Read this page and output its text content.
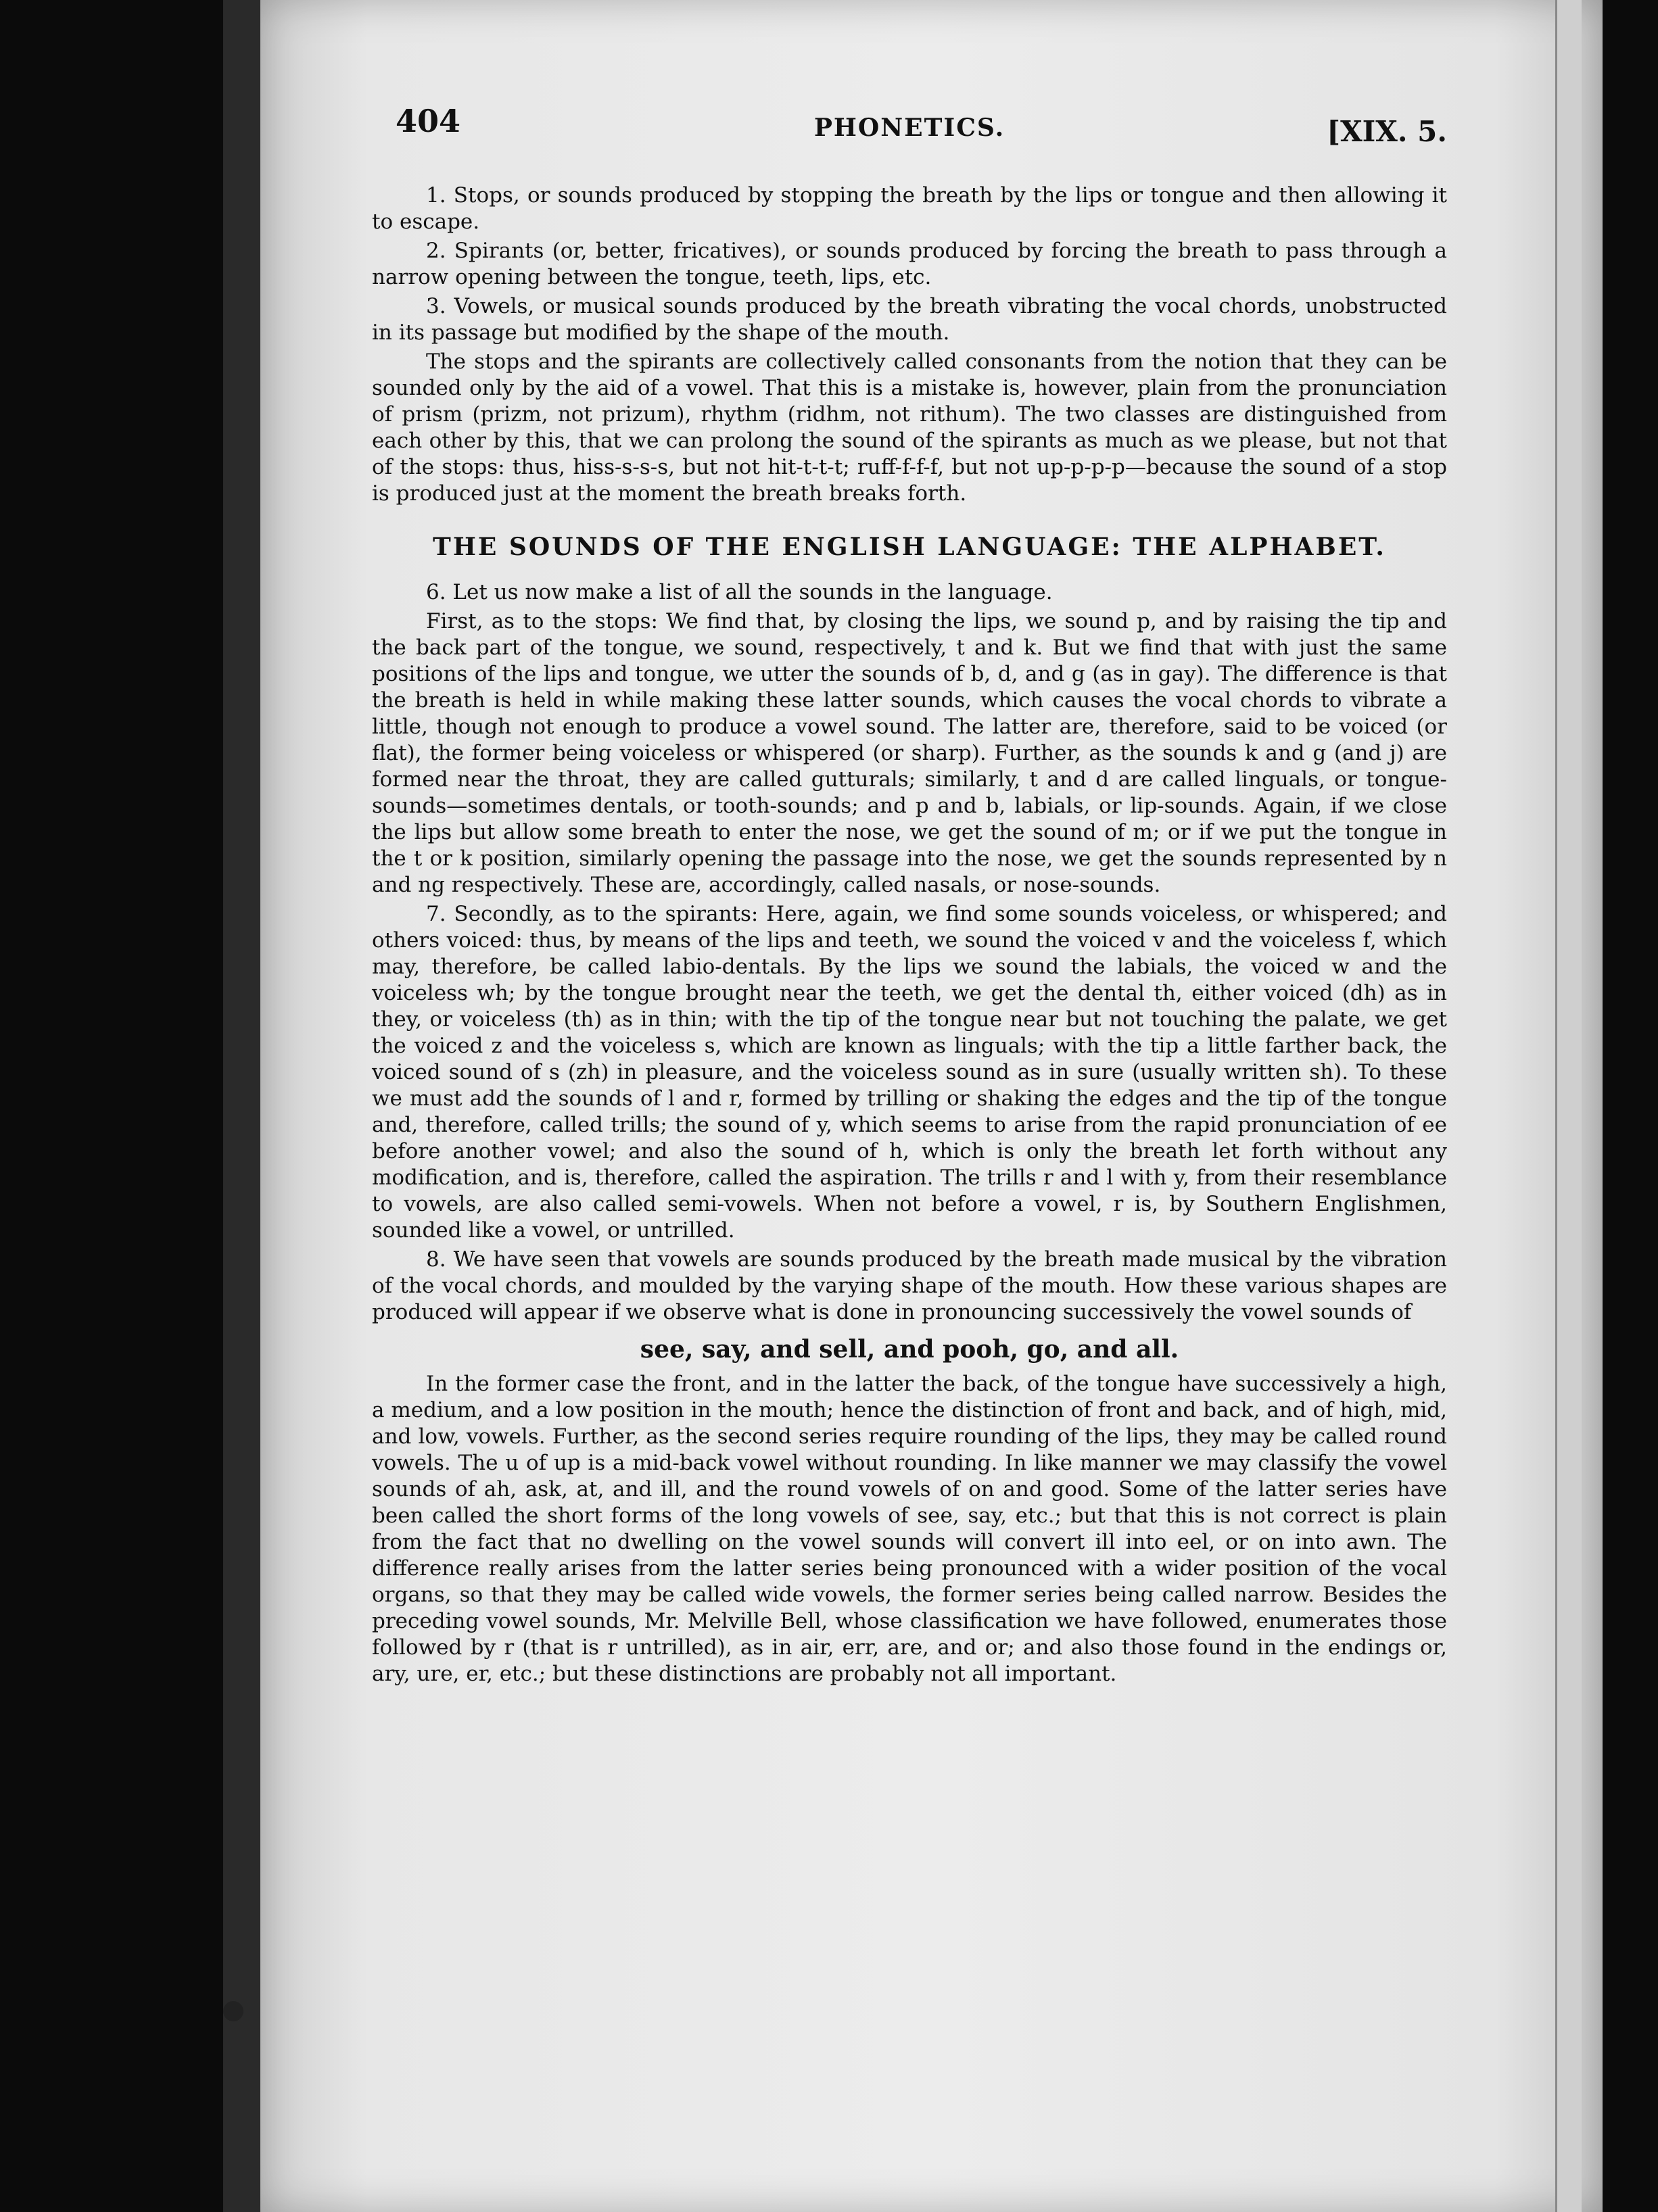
404	PHONETICS.	[XIX. 5.

1. Stops, or sounds produced by stopping the breath by the lips or tongue and then allowing it to escape.

2. Spirants (or, better, fricatives), or sounds produced by forcing the breath to pass through a narrow opening between the tongue, teeth, lips, etc.

3. Vowels, or musical sounds produced by the breath vibrating the vocal chords, unobstructed in its passage but modified by the shape of the mouth.

The stops and the spirants are collectively called consonants from the notion that they can be sounded only by the aid of a vowel. That this is a mistake is, however, plain from the pronunciation of prism (prizm, not prizum), rhythm (ridhm, not rithum). The two classes are distinguished from each other by this, that we can prolong the sound of the spirants as much as we please, but not that of the stops: thus, hiss-s-s-s, but not hit-t-t-t; ruff-f-f-f, but not up-p-p-p—because the sound of a stop is produced just at the moment the breath breaks forth.

THE SOUNDS OF THE ENGLISH LANGUAGE: THE ALPHABET.

6. Let us now make a list of all the sounds in the language.

First, as to the stops: We find that, by closing the lips, we sound p, and by raising the tip and the back part of the tongue, we sound, respectively, t and k. But we find that with just the same positions of the lips and tongue, we utter the sounds of b, d, and g (as in gay). The difference is that the breath is held in while making these latter sounds, which causes the vocal chords to vibrate a little, though not enough to produce a vowel sound. The latter are, therefore, said to be voiced (or flat), the former being voiceless or whispered (or sharp). Further, as the sounds k and g (and j) are formed near the throat, they are called gutturals; similarly, t and d are called linguals, or tongue-sounds—sometimes dentals, or tooth-sounds; and p and b, labials, or lip-sounds. Again, if we close the lips but allow some breath to enter the nose, we get the sound of m; or if we put the tongue in the t or k position, similarly opening the passage into the nose, we get the sounds represented by n and ng respectively. These are, accordingly, called nasals, or nose-sounds.

7. Secondly, as to the spirants: Here, again, we find some sounds voiceless, or whispered; and others voiced: thus, by means of the lips and teeth, we sound the voiced v and the voiceless f, which may, therefore, be called labio-dentals. By the lips we sound the labials, the voiced w and the voiceless wh; by the tongue brought near the teeth, we get the dental th, either voiced (dh) as in they, or voiceless (th) as in thin; with the tip of the tongue near but not touching the palate, we get the voiced z and the voiceless s, which are known as linguals; with the tip a little farther back, the voiced sound of s (zh) in pleasure, and the voiceless sound as in sure (usually written sh). To these we must add the sounds of l and r, formed by trilling or shaking the edges and the tip of the tongue and, therefore, called trills; the sound of y, which seems to arise from the rapid pronunciation of ee before another vowel; and also the sound of h, which is only the breath let forth without any modification, and is, therefore, called the aspiration. The trills r and l with y, from their resemblance to vowels, are also called semi-vowels. When not before a vowel, r is, by Southern Englishmen, sounded like a vowel, or untrilled.

8. We have seen that vowels are sounds produced by the breath made musical by the vibration of the vocal chords, and moulded by the varying shape of the mouth. How these various shapes are produced will appear if we observe what is done in pronouncing successively the vowel sounds of

see, say, and sell, and pooh, go, and all.

In the former case the front, and in the latter the back, of the tongue have successively a high, a medium, and a low position in the mouth; hence the distinction of front and back, and of high, mid, and low, vowels. Further, as the second series require rounding of the lips, they may be called round vowels. The u of up is a mid-back vowel without rounding. In like manner we may classify the vowel sounds of ah, ask, at, and ill, and the round vowels of on and good. Some of the latter series have been called the short forms of the long vowels of see, say, etc.; but that this is not correct is plain from the fact that no dwelling on the vowel sounds will convert ill into eel, or on into awn. The difference really arises from the latter series being pronounced with a wider position of the vocal organs, so that they may be called wide vowels, the former series being called narrow. Besides the preceding vowel sounds, Mr. Melville Bell, whose classification we have followed, enumerates those followed by r (that is r untrilled), as in air, err, are, and or; and also those found in the endings or, ary, ure, er, etc.; but these distinctions are probably not all important.
